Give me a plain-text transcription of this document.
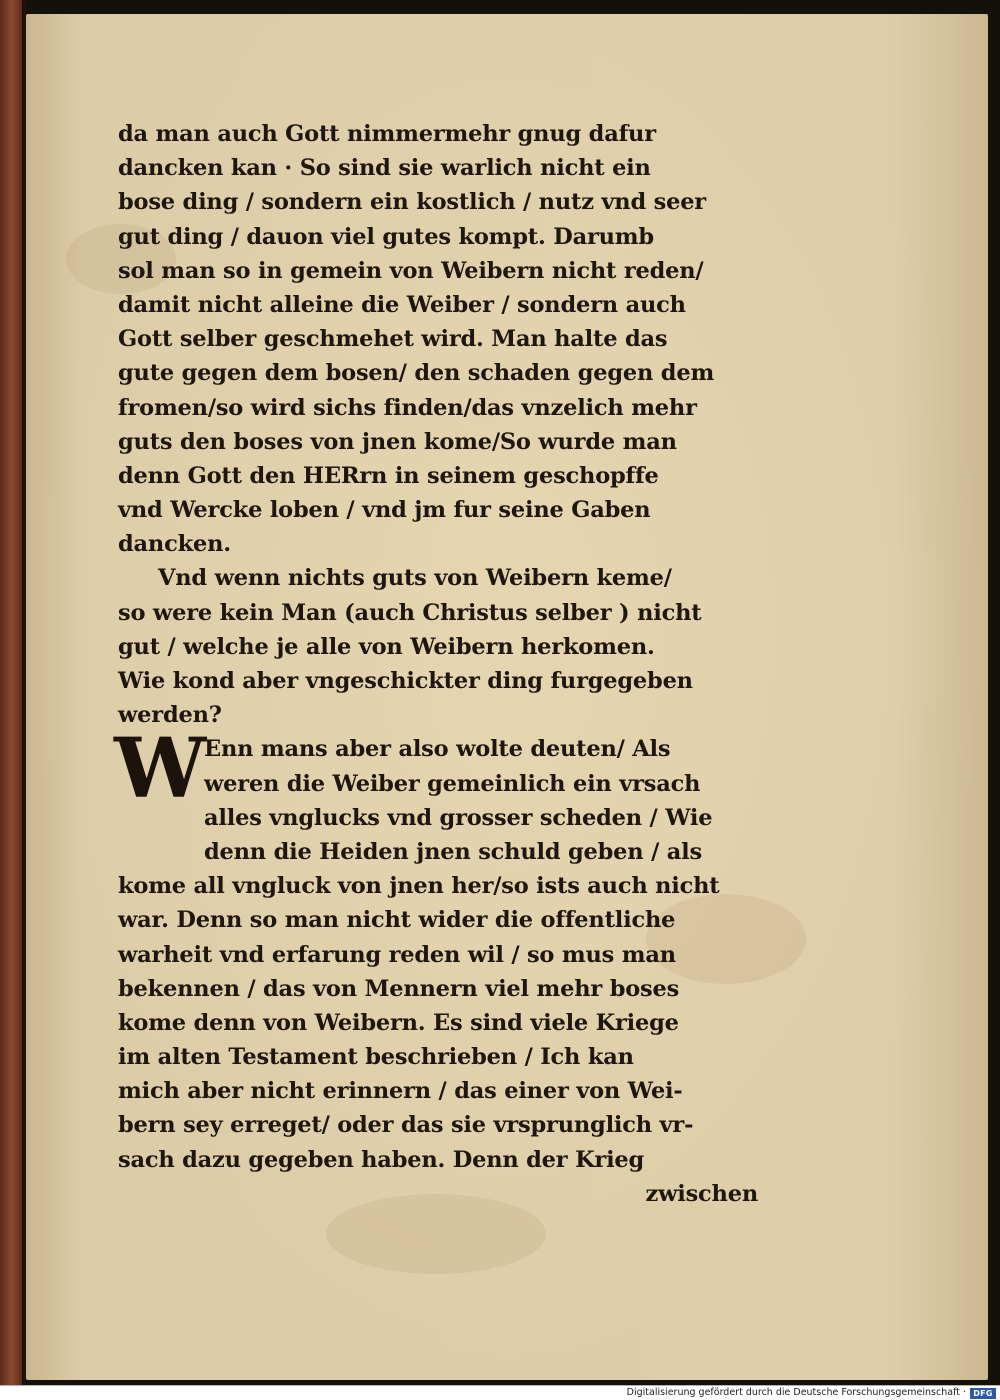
da man auch Gott nimmermehr gnug dafur
dancken kan · So sind sie warlich nicht ein
bose ding / sondern ein kostlich / nutz vnd seer
gut ding / dauon viel gutes kompt. Darumb
sol man so in gemein von Weibern nicht reden/
damit nicht alleine die Weiber / sondern auch
Gott selber geschmehet wird. Man halte das
gute gegen dem bosen/ den schaden gegen dem
fromen/so wird sichs finden/das vnzelich mehr
guts den boses von jnen kome/So wurde man
denn Gott den HERrn in seinem geschopffe
vnd Wercke loben / vnd jm fur seine Gaben
dancken.
Vnd wenn nichts guts von Weibern keme/
so were kein Man (auch Christus selber ) nicht
gut / welche je alle von Weibern herkomen.
Wie kond aber vngeschickter ding furgegeben
werden?
Enn mans aber also wolte deuten/ Als
weren die Weiber gemeinlich ein vrsach
alles vnglucks vnd grosser scheden / Wie
denn die Heiden jnen schuld geben / als
kome all vngluck von jnen her/so ists auch nicht
war. Denn so man nicht wider die offentliche
warheit vnd erfarung reden wil / so mus man
bekennen / das von Mennern viel mehr boses
kome denn von Weibern. Es sind viele Kriege
im alten Testament beschrieben / Ich kan
mich aber nicht erinnern / das einer von Wei-
bern sey erreget/ oder das sie vrsprunglich vr-
sach dazu gegeben haben. Denn der Krieg
zwischen
W
Digitalisierung gefördert durch die Deutsche Forschungsgemeinschaft · DFG
